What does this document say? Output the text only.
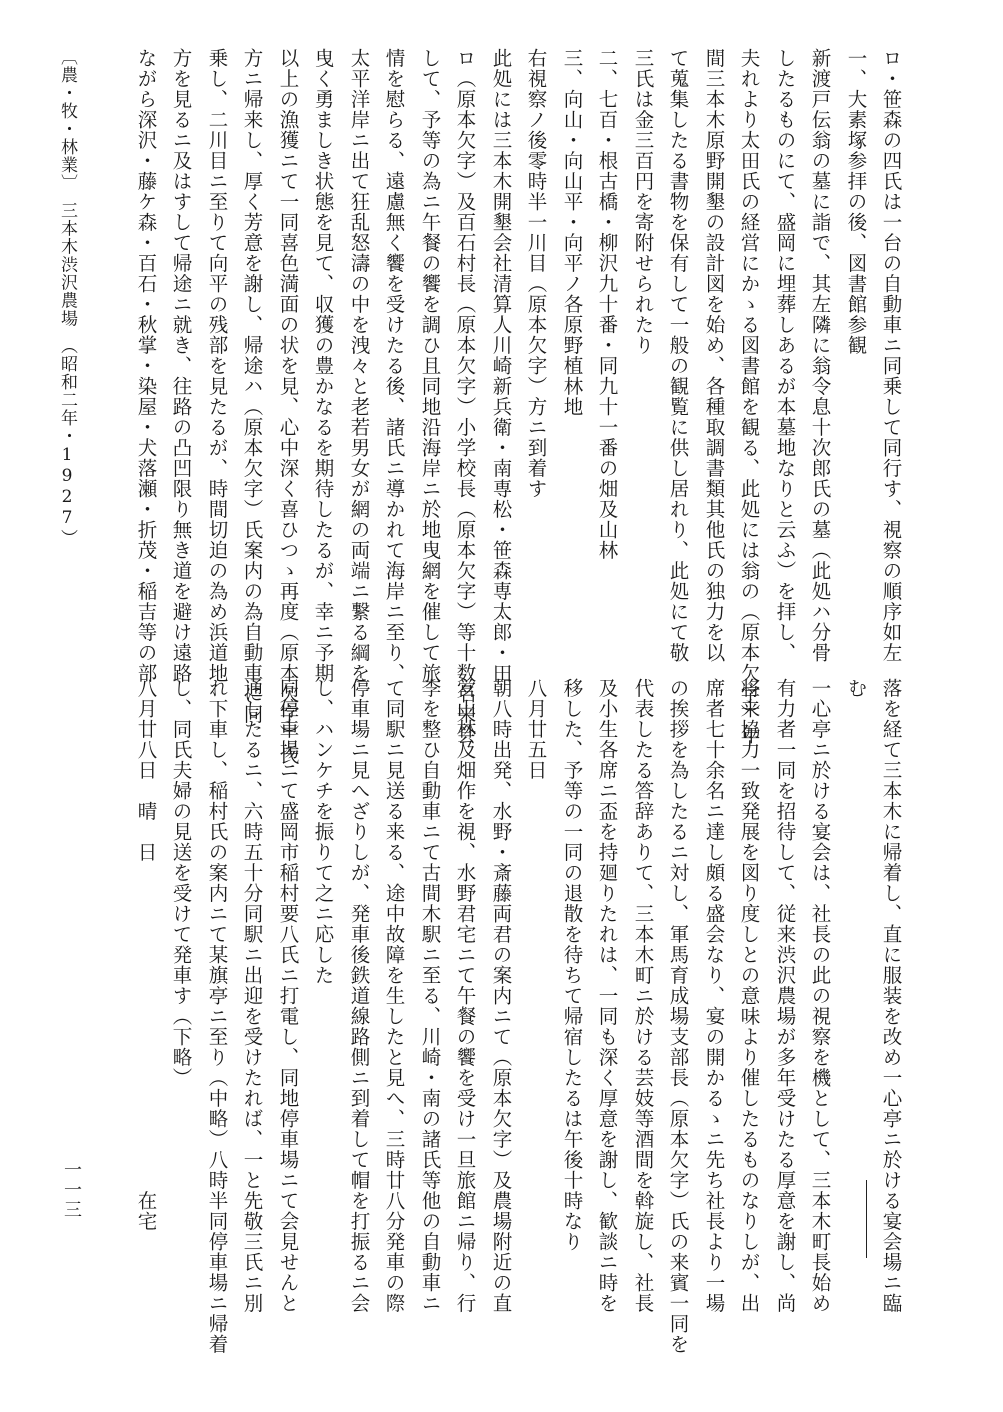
ロ・笹森の四氏は一台の自動車ニ同乗して同行す、視察の順序如左
一、大素塚参拝の後、図書館参観
新渡戸伝翁の墓に詣で、其左隣に翁令息十次郎氏の墓（此処ハ分骨
したるものにて、盛岡に埋葬しあるが本墓地なりと云ふ）を拝し、
夫れより太田氏の経営にかゝる図書館を観る、此処には翁の（原本欠字）年
間三本木原野開墾の設計図を始め、各種取調書類其他氏の独力を以
て蒐集したる書物を保有して一般の観覧に供し居れり、此処にて敬
三氏は金三百円を寄附せられたり
二、七百・根古橋・柳沢九十番・同九十一番の畑及山林
三、向山・向山平・向平ノ各原野植林地
右視察ノ後零時半一川目（原本欠字）方ニ到着す
此処には三本木開墾会社清算人川崎新兵衛・南専松・笹森専太郎・田
ロ（原本欠字）及百石村長（原本欠字）小学校長（原本欠字）等十数名来会
して、予等の為ニ午餐の饗を調ひ且同地沿海岸ニ於地曳網を催して旅
情を慰らる、遠慮無く饗を受けたる後、諸氏ニ導かれて海岸ニ至り、
太平洋岸ニ出て狂乱怒濤の中を洩々と老若男女が網の両端ニ繋る綱を
曳く勇ましき状態を見て、収獲の豊かなるを期待したるが、幸ニ予期
以上の漁獲ニて一同喜色満面の状を見、心中深く喜ひつゝ再度（原本欠字）氏
方ニ帰来し、厚く芳意を謝し、帰途ハ（原本欠字）氏案内の為自動車に同
乗し、二川目ニ至りて向平の残部を見たるが、時間切迫の為め浜道地
方を見るニ及はすして帰途ニ就き、往路の凸凹限り無き道を避け遠路
ながら深沢・藤ケ森・百石・秋掌・染屋・犬落瀬・折茂・稲吉等の部
〔農・牧・林業〕　三本木渋沢農場　（昭和二年・1927）
落を経て三本木に帰着し、直に服装を改め一心亭ニ於ける宴会場ニ臨
む
一心亭ニ於ける宴会は、社長の此の視察を機として、三本木町長始め
有力者一同を招待して、従来渋沢農場が多年受けたる厚意を謝し、尚
将来協力一致発展を図り度しとの意味より催したるものなりしが、出
席者七十余名ニ達し頗る盛会なり、宴の開かるゝニ先ち社長より一場
の挨拶を為したるニ対し、軍馬育成場支部長（原本欠字）氏の来賓一同を
代表したる答辞ありて、三本木町ニ於ける芸妓等酒間を斡旋し、社長
及小生各席ニ盃を持廻りたれは、一同も深く厚意を謝し、歓談ニ時を
移した、予等の一同の退散を待ちて帰宿したるは午後十時なり
八月廿五日
朝八時出発、水野・斎藤両君の案内ニて（原本欠字）及農場附近の直
営山林及畑作を視、水野君宅ニて午餐の饗を受け一旦旅館ニ帰り、行
李を整ひ自動車ニて古間木駅ニ至る、川崎・南の諸氏等他の自動車ニ
て同駅ニ見送る来る、途中故障を生したと見へ、三時廿八分発車の際
停車場ニ見へざりしが、発車後鉄道線路側ニ到着して帽を打振るニ会
し、ハンケチを振りて之ニ応した
同停車場ニて盛岡市稲村要八氏ニ打電し、同地停車場ニて会見せんと
通したるニ、六時五十分同駅ニ出迎を受けたれば、一と先敬三氏ニ別
れ下車し、稲村氏の案内ニて某旗亭ニ至り（中略）八時半同停車場ニ帰着
し、同氏夫婦の見送を受けて発車す（下略）
八月廿八日　晴　日　　　　　　　　　　　　　　　　在宅
一一三
